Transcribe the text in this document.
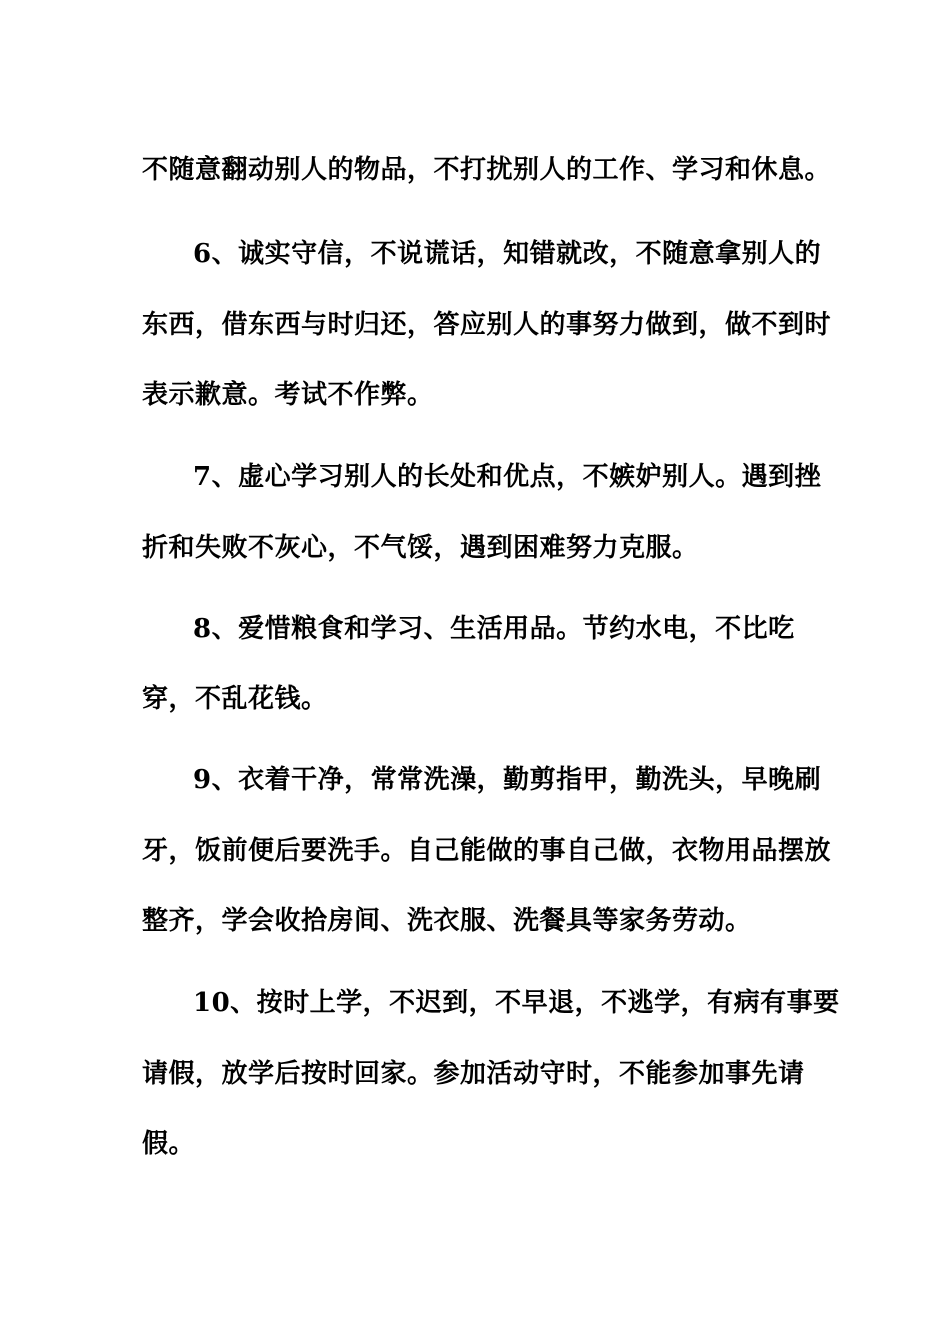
不随意翻动别人的物品，不打扰别人的工作、学习和休息。
6、诚实守信，不说谎话，知错就改，不随意拿别人的
东西，借东西与时归还，答应别人的事努力做到，做不到时
表示歉意。考试不作弊。
7、虚心学习别人的长处和优点，不嫉妒别人。遇到挫
折和失败不灰心，不气馁，遇到困难努力克服。
8、爱惜粮食和学习、生活用品。节约水电，不比吃
穿，不乱花钱。
9、衣着干净，常常洗澡，勤剪指甲，勤洗头，早晚刷
牙，饭前便后要洗手。自己能做的事自己做，衣物用品摆放
整齐，学会收拾房间、洗衣服、洗餐具等家务劳动。
10、按时上学，不迟到，不早退，不逃学，有病有事要
请假，放学后按时回家。参加活动守时，不能参加事先请
假。
